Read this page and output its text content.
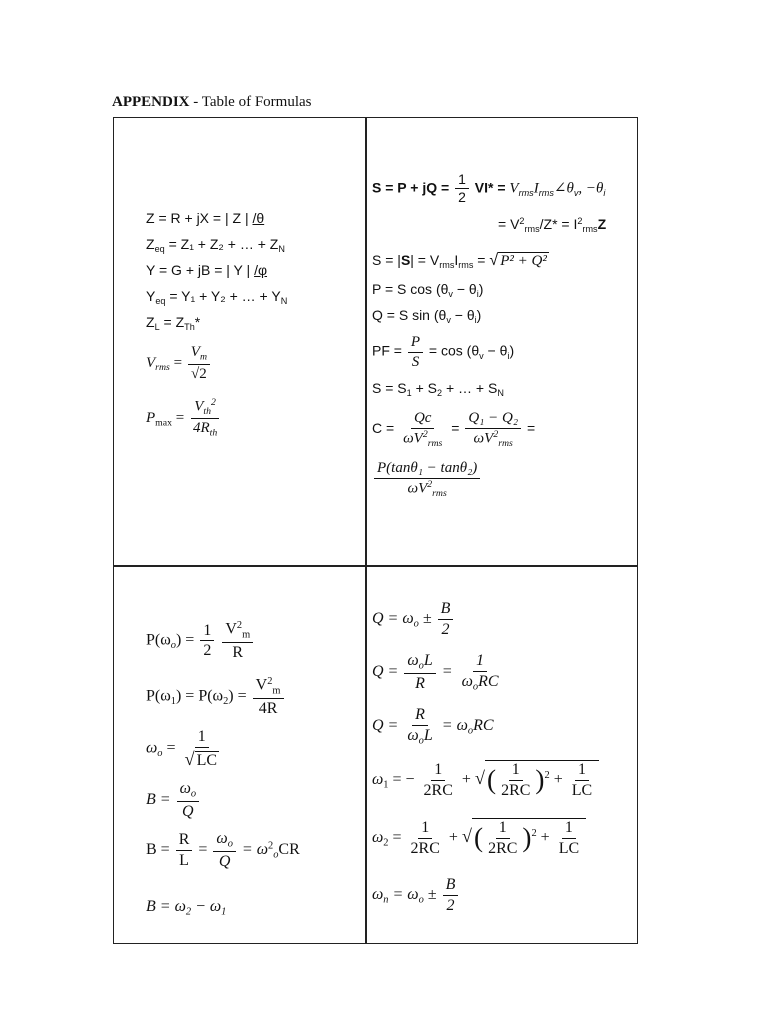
APPENDIX - Table of Formulas
Z = R + jX = | Z | /θ
$Z_{eq} = Z_1 + Z_2$ + … + $Z_N$
Y = G + jB = | Y | /φ
$Y_{eq} = Y_1 + Y_2$ + … + $Y_N$
$Z_L = Z_{Th}*$
$V_{rms} = \frac{V_m}{√2}$
$P_{max} = \frac{V_{th}^2}{4R_{th}}$
S = P + jQ = $\frac{1}{2} VI*$ = $V_{rms}I_{rms}\angle\theta_v$, $-\theta_i$
= $V^2_{rms}/Z* = I^2_{rms}Z$
$S = |S| = V_{rms}I_{rms}$ = √ P² + Q²
P = S $\cos (\theta_v - \theta_i)$
Q = S $\sin (\theta_v - \theta_i)$
PF = $\frac{P}{S} = \cos (\theta_v - \theta_i)$
$S = S_1 + S_2$ + … + $S_N$
$C = \frac{Qc}{\omega V^2_{rms}} = \frac{\text{Q₁ − Q₂}}{\omega V^2_{rms}}$ =
$\frac{\text{P(tanθ₁ − tanθ₂)}}{\omega V^2_{rms}}$
$P(\omega_o) = \frac{1}{2}$
$\frac{V^2_m}{R}$
$P(\omega_1) = P(\omega_2) = \frac{V^2_m}{4R}$
$\omega_o = \frac{1}{√ LC}$
$B = \frac{\omega_o}{Q}$
$B = \frac{R}{L} = \frac{\omega_o}{Q} = \omega^2_oCR$
$B = \omega_2 - \omega_1$
$Q = \omega_o \pm \frac{B}{2}$
$Q = \frac{\omega_oL}{R} = \frac{1}{\omega_oRC}$
$Q = \frac{R}{\omega_oL} = \omega_oRC$
$\omega_1$ = − $\frac{1}{2RC}$ + √( $\frac{1}{2RC} )^2 + \frac{1}{LC}$
$\omega_2 = \frac{1}{2RC}$ + √( $\frac{1}{2RC} )^2 + \frac{1}{LC}$
$\omega_n = \omega_o \pm \frac{B}{2}$
